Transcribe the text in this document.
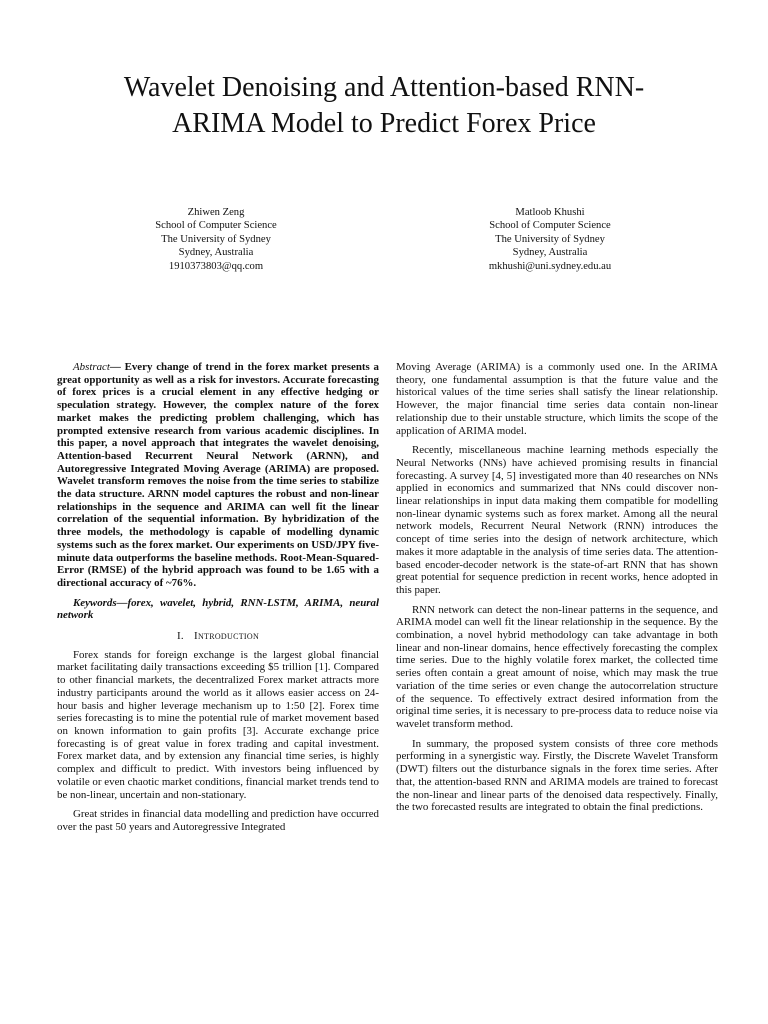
Wavelet Denoising and Attention-based RNN-
ARIMA Model to Predict Forex Price
Zhiwen Zeng
School of Computer Science
The University of Sydney
Sydney, Australia
1910373803@qq.com
Matloob Khushi
School of Computer Science
The University of Sydney
Sydney, Australia
mkhushi@uni.sydney.edu.au

Abstract— Every change of trend in the forex market presents a great opportunity as well as a risk for investors. Accurate forecasting of forex prices is a crucial element in any effective hedging or speculation strategy. However, the complex nature of the forex market makes the predicting problem challenging, which has prompted extensive research from various academic disciplines. In this paper, a novel approach that integrates the wavelet denoising, Attention-based Recurrent Neural Network (ARNN), and Autoregressive Integrated Moving Average (ARIMA) are proposed. Wavelet transform removes the noise from the time series to stabilize the data structure. ARNN model captures the robust and non-linear relationships in the sequence and ARIMA can well fit the linear correlation of the sequential information. By hybridization of the three models, the methodology is capable of modelling dynamic systems such as the forex market. Our experiments on USD/JPY five-minute data outperforms the baseline methods. Root-Mean-Squared-Error (RMSE) of the hybrid approach was found to be 1.65 with a directional accuracy of ~76%.

Keywords—forex, wavelet, hybrid, RNN-LSTM, ARIMA, neural network

I. Introduction

Forex stands for foreign exchange is the largest global financial market facilitating daily transactions exceeding $5 trillion [1]. Compared to other financial markets, the decentralized Forex market attracts more industry participants around the world as it allows easier access on 24-hour basis and higher leverage mechanism up to 1:50 [2]. Forex time series forecasting is to mine the potential rule of market movement based on known information to gain profits [3]. Accurate exchange price forecasting is of great value in forex trading and capital investment. Forex market data, and by extension any financial time series, is highly complex and difficult to predict. With investors being influenced by volatile or even chaotic market conditions, financial market trends tend to be non-linear, uncertain and non-stationary.

Great strides in financial data modelling and prediction have occurred over the past 50 years and Autoregressive Integrated

Moving Average (ARIMA) is a commonly used one. In the ARIMA theory, one fundamental assumption is that the future value and the historical values of the time series shall satisfy the linear relationship. However, the major financial time series data contain non-linear relationship due to their unstable structure, which limits the scope of the application of ARIMA model.

Recently, miscellaneous machine learning methods especially the Neural Networks (NNs) have achieved promising results in financial forecasting. A survey [4, 5] investigated more than 40 researches on NNs applied in economics and summarized that NNs could discover non-linear relationships in input data making them compatible for modelling non-linear dynamic systems such as forex market. Among all the neural network models, Recurrent Neural Network (RNN) introduces the concept of time series into the design of network architecture, which makes it more adaptable in the analysis of time series data. The attention-based encoder-decoder network is the state-of-art RNN that has shown great potential for sequence prediction in recent works, hence adopted in this paper.

RNN network can detect the non-linear patterns in the sequence, and ARIMA model can well fit the linear relationship in the sequence. By the combination, a novel hybrid methodology can take advantage in both linear and non-linear domains, hence effectively forecasting the complex time series. Due to the highly volatile forex market, the collected time series often contain a great amount of noise, which may mask the true variation of the time series or even change the autocorrelation structure of the sequence. To effectively extract desired information from the original time series, it is necessary to pre-process data to reduce noise via wavelet transform method.

In summary, the proposed system consists of three core methods performing in a synergistic way. Firstly, the Discrete Wavelet Transform (DWT) filters out the disturbance signals in the forex time series. After that, the attention-based RNN and ARIMA models are trained to forecast the non-linear and linear parts of the denoised data respectively. Finally, the two forecasted results are integrated to obtain the final predictions.
